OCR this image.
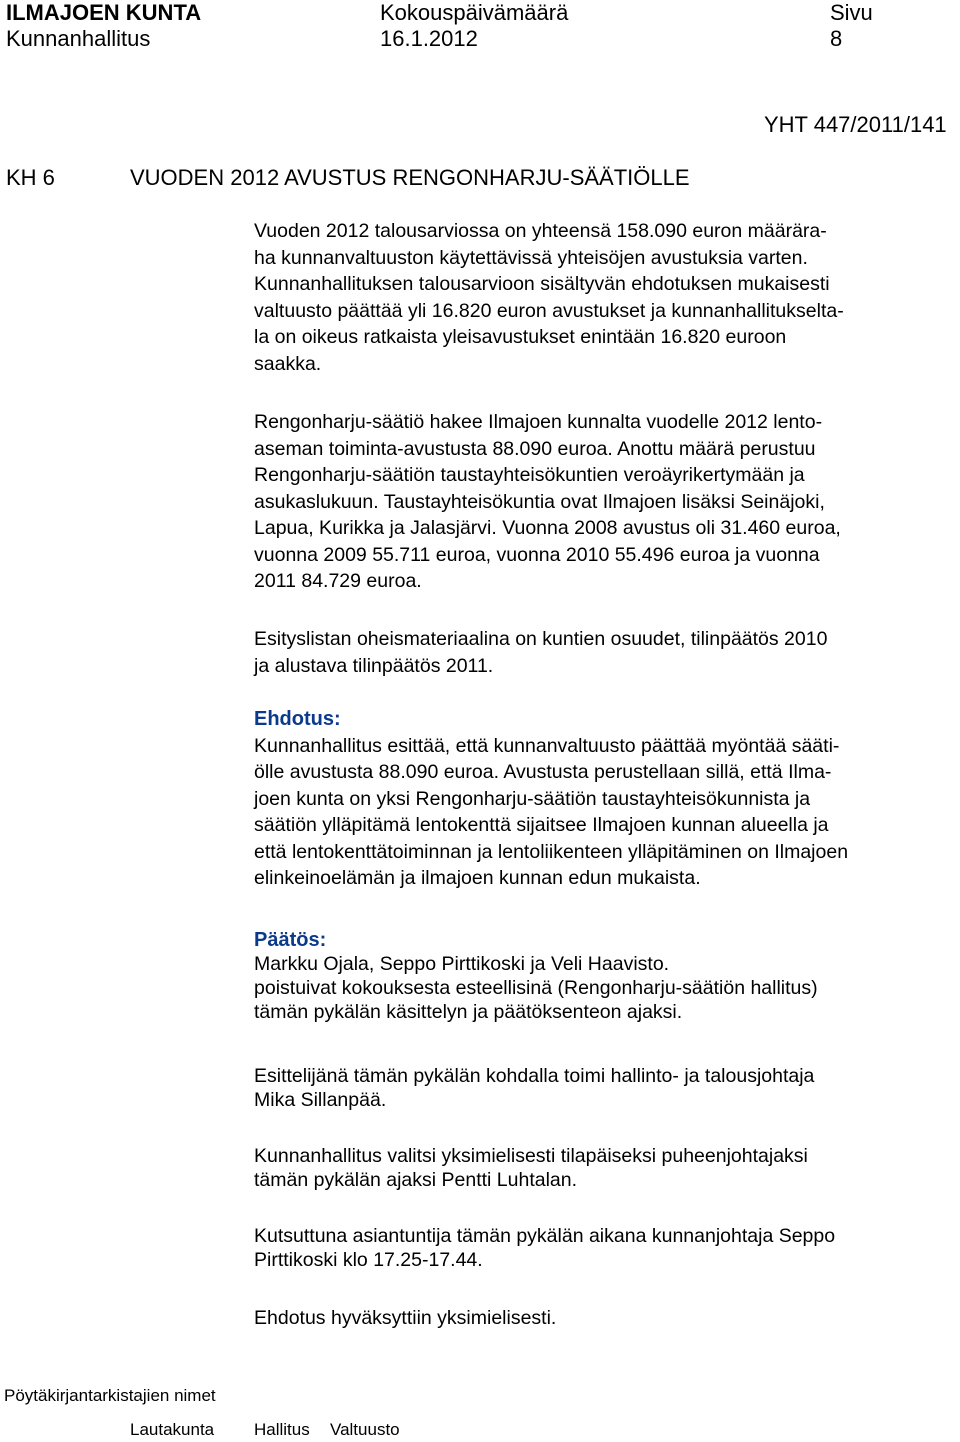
ILMAJOEN KUNTA	Kokouspäivämäärä	Sivu
Kunnanhallitus	16.1.2012	8
YHT 447/2011/141
KH 6	VUODEN 2012 AVUSTUS RENGONHARJU-SÄÄTIÖLLE
Vuoden 2012 talousarviossa on yhteensä 158.090 euron määrära-
ha kunnanvaltuuston käytettävissä yhteisöjen avustuksia varten.
Kunnanhallituksen talousarvioon sisältyvän ehdotuksen mukaisesti
valtuusto päättää yli 16.820 euron avustukset ja kunnanhallitukselta-
la on oikeus ratkaista yleisavustukset enintään 16.820 euroon
saakka.
Rengonharju-säätiö hakee Ilmajoen kunnalta vuodelle 2012 lento-
aseman toiminta-avustusta 88.090 euroa. Anottu määrä perustuu
Rengonharju-säätiön taustayhteisökuntien veroäyrikertymään ja
asukaslukuun. Taustayhteisökuntia ovat Ilmajoen lisäksi Seinäjoki,
Lapua, Kurikka ja Jalasjärvi. Vuonna 2008 avustus oli 31.460 euroa,
vuonna 2009 55.711 euroa, vuonna 2010 55.496 euroa ja vuonna
2011 84.729 euroa.
Esityslistan oheismateriaalina on kuntien osuudet, tilinpäätös 2010
ja alustava tilinpäätös 2011.
Ehdotus:
Kunnanhallitus esittää, että kunnanvaltuusto päättää myöntää sääti-
ölle avustusta 88.090 euroa. Avustusta perustellaan sillä, että Ilma-
joen kunta on yksi Rengonharju-säätiön taustayhteisökunnista ja
säätiön ylläpitämä lentokenttä sijaitsee Ilmajoen kunnan alueella ja
että lentokenttätoiminnan ja lentoliikenteen ylläpitäminen on Ilmajoen
elinkeinoelämän ja ilmajoen kunnan edun mukaista.
Päätös:
Markku Ojala, Seppo Pirttikoski ja Veli Haavisto.
poistuivat kokouksesta esteellisinä (Rengonharju-säätiön hallitus)
tämän pykälän käsittelyn ja päätöksenteon ajaksi.
Esittelijänä tämän pykälän kohdalla toimi hallinto- ja talousjohtaja
Mika Sillanpää.
Kunnanhallitus valitsi yksimielisesti tilapäiseksi puheenjohtajaksi
tämän pykälän ajaksi Pentti Luhtalan.
Kutsuttuna asiantuntija tämän pykälän aikana kunnanjohtaja Seppo
Pirttikoski klo 17.25-17.44.
Ehdotus hyväksyttiin yksimielisesti.
Pöytäkirjantarkistajien nimet
Lautakunta Hallitus Valtuusto
